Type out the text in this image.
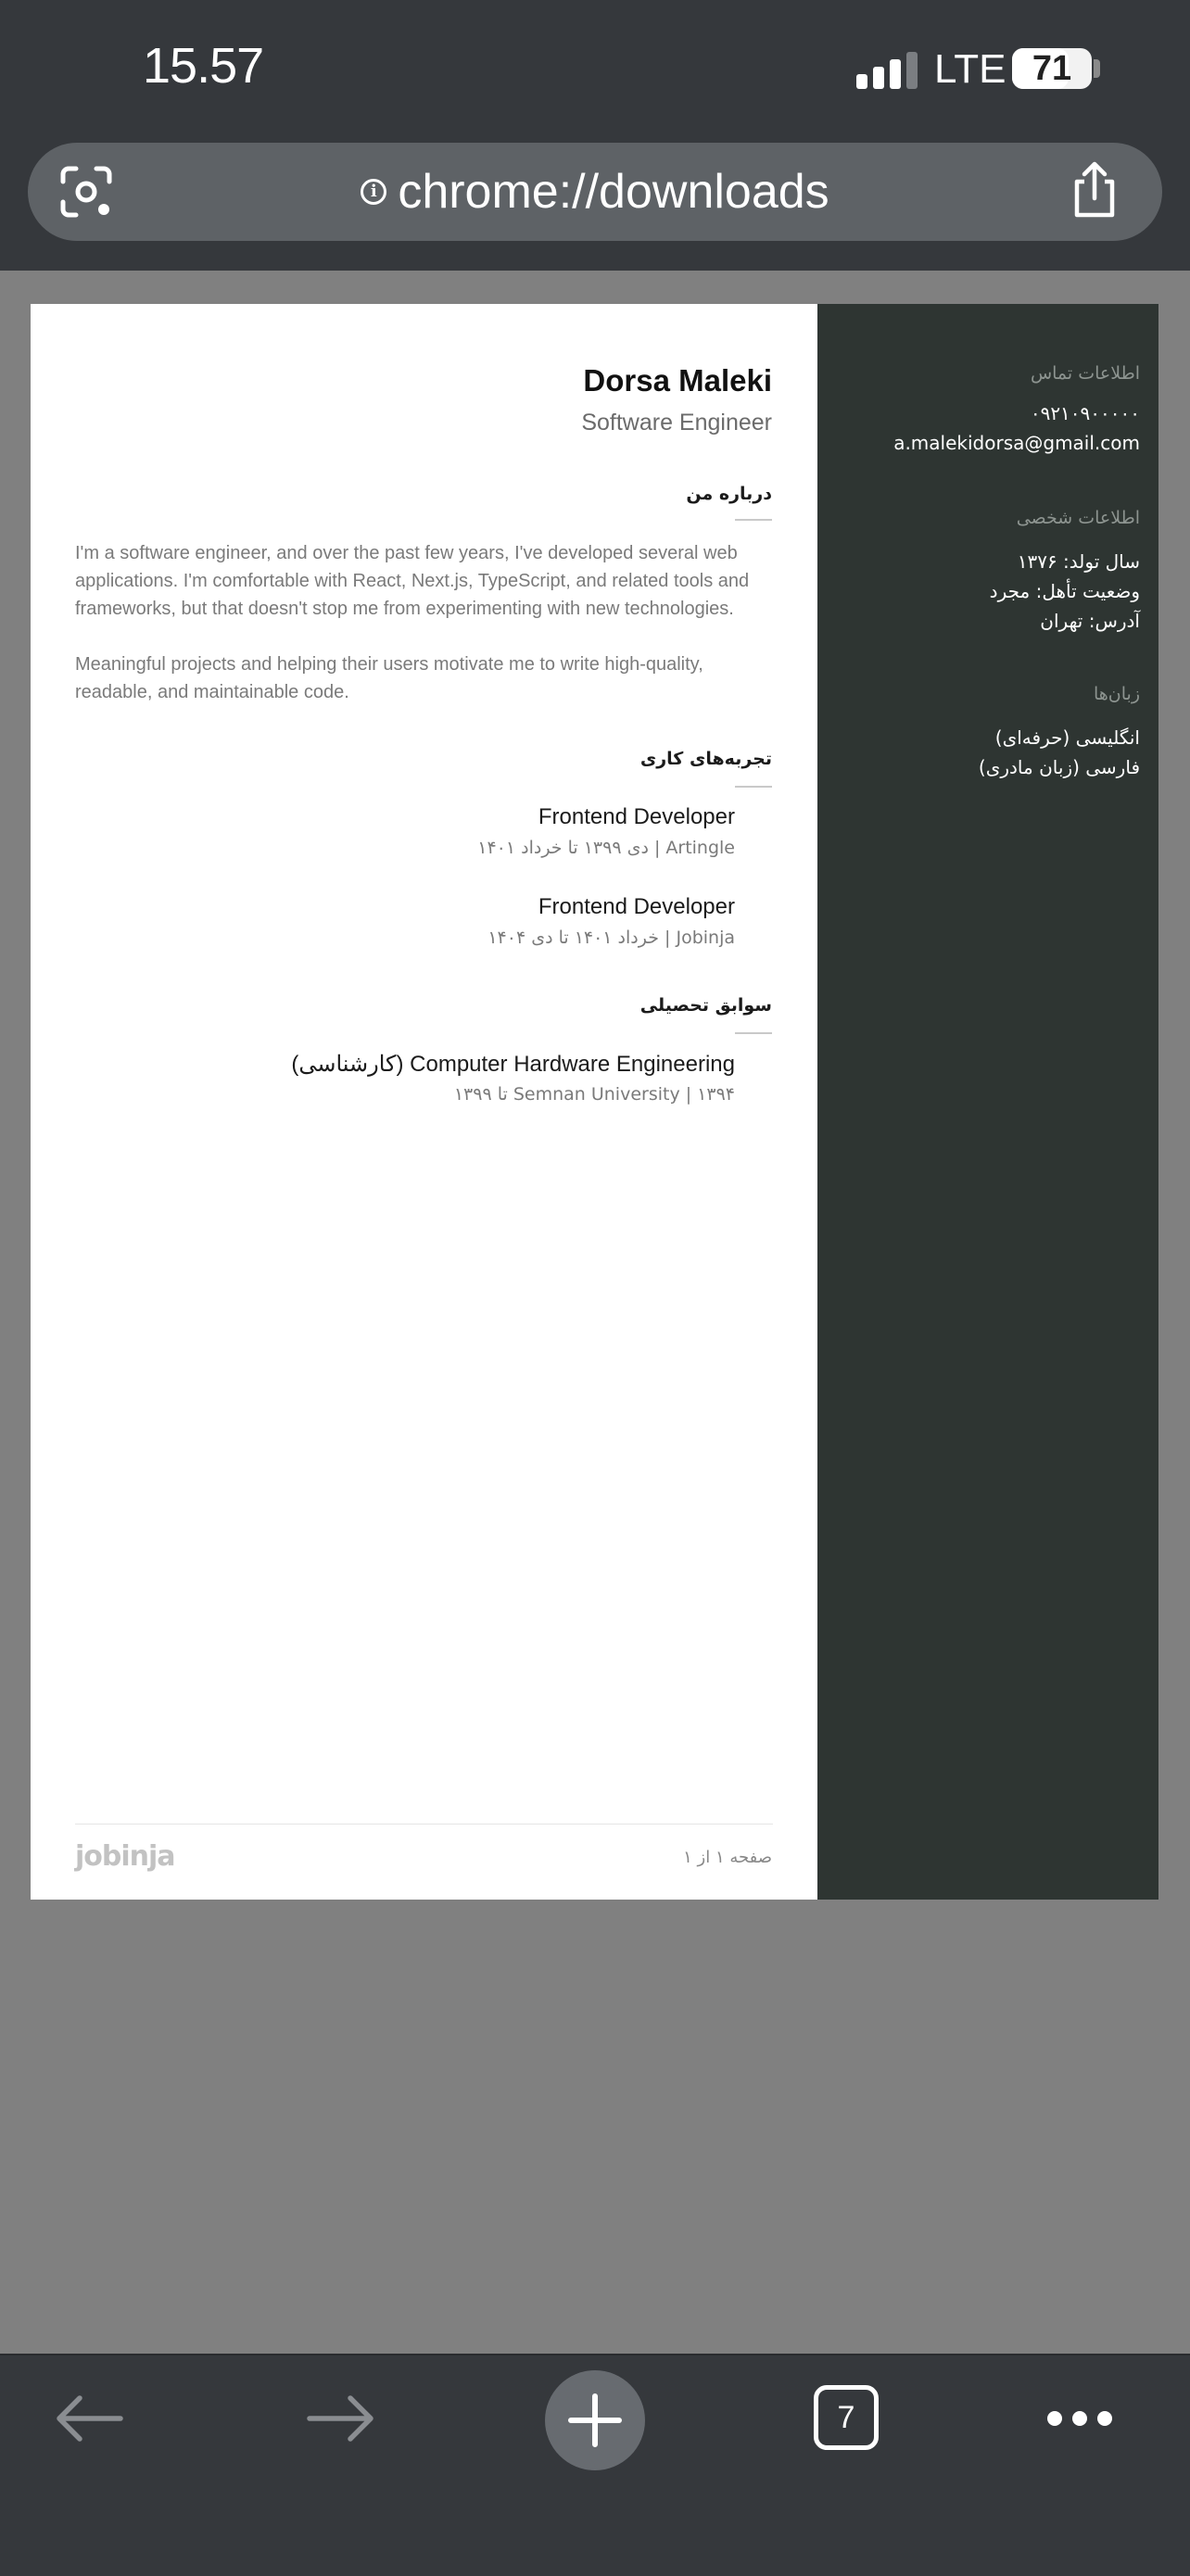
15.57	LTE 71
i chrome://downloads
Dorsa Maleki
Software Engineer
درباره من
I'm a software engineer, and over the past few years, I've developed several web applications. I'm comfortable with React, Next.js, TypeScript, and related tools and frameworks, but that doesn't stop me from experimenting with new technologies.
Meaningful projects and helping their users motivate me to write high-quality, readable, and maintainable code.
تجربه‌های کاری
Frontend Developer
Artingle | دی ۱۳۹۹ تا خرداد ۱۴۰۱
Frontend Developer
Jobinja | خرداد ۱۴۰۱ تا دی ۱۴۰۴
سوابق تحصیلی
(کارشناسی) Computer Hardware Engineering
Semnan University | ۱۳۹۴ تا ۱۳۹۹
jobinja	صفحه ۱ از ۱
اطلاعات تماس
۰۹۲۱۰۹۰۰۰۰۰
a.malekidorsa@gmail.com
اطلاعات شخصی
سال تولد: ۱۳۷۶
وضعیت تأهل: مجرد
آدرس: تهران
زبان‌ها
انگلیسی (حرفه‌ای)
فارسی (زبان مادری)
7
